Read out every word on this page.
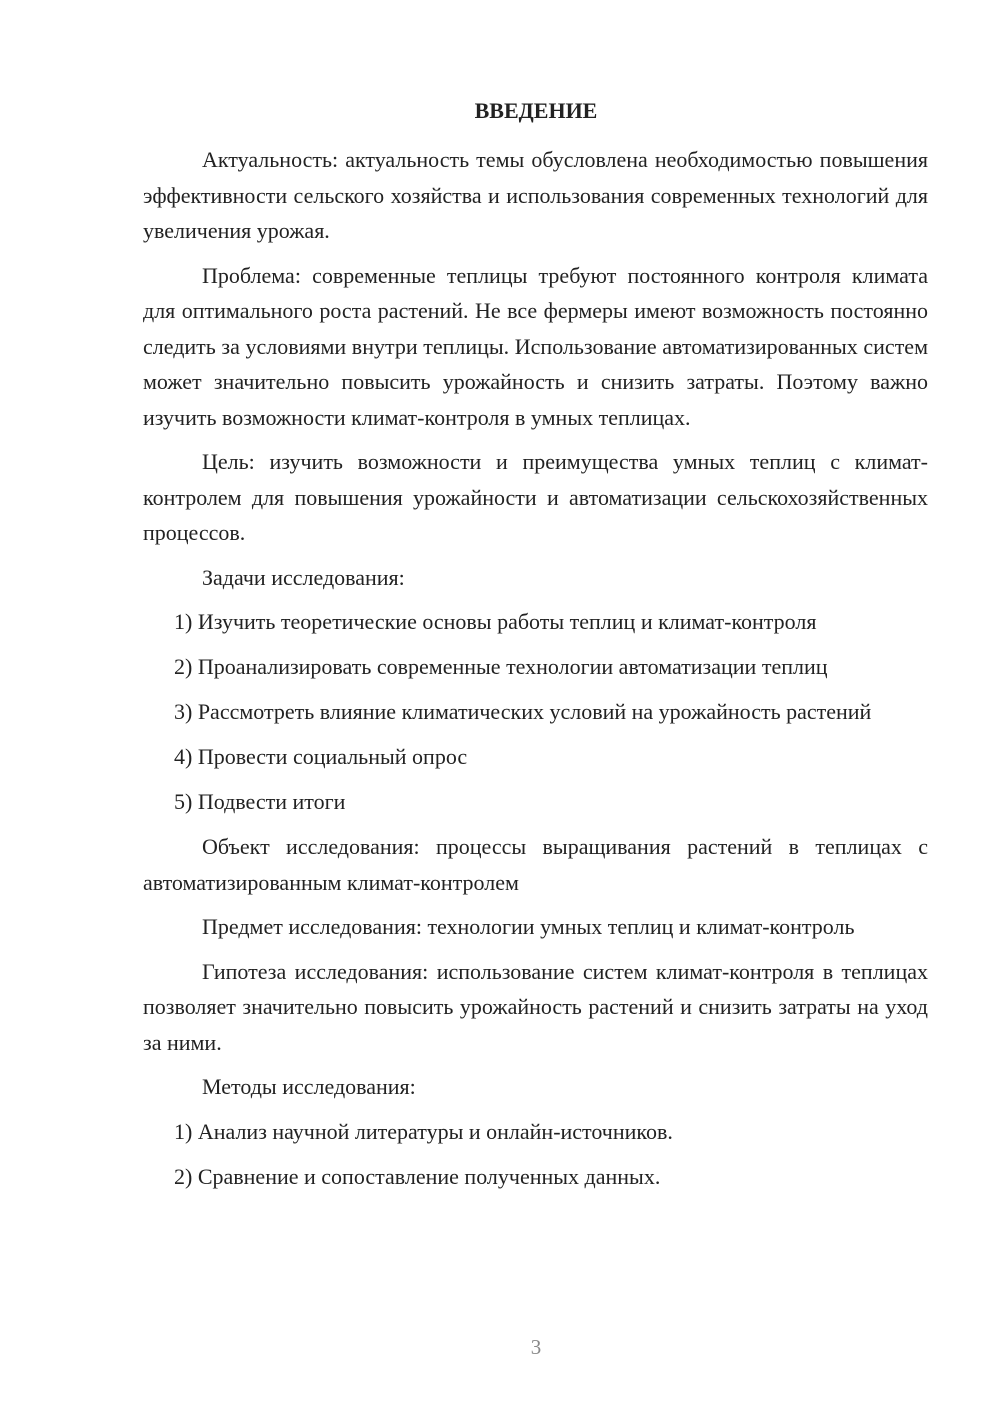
ВВЕДЕНИЕ

Актуальность: актуальность темы обусловлена необходимостью повышения эффективности сельского хозяйства и использования современных технологий для увеличения урожая.

Проблема: современные теплицы требуют постоянного контроля климата для оптимального роста растений. Не все фермеры имеют возможность постоянно следить за условиями внутри теплицы. Использование автоматизированных систем может значительно повысить урожайность и снизить затраты. Поэтому важно изучить возможности климат-контроля в умных теплицах.

Цель: изучить возможности и преимущества умных теплиц с климат-контролем для повышения урожайности и автоматизации сельскохозяйственных процессов.

Задачи исследования:

1) Изучить теоретические основы работы теплиц и климат-контроля

2) Проанализировать современные технологии автоматизации теплиц

3) Рассмотреть влияние климатических условий на урожайность растений

4) Провести социальный опрос

5) Подвести итоги

Объект исследования: процессы выращивания растений в теплицах с автоматизированным климат-контролем

Предмет исследования: технологии умных теплиц и климат-контроль

Гипотеза исследования: использование систем климат-контроля в теплицах позволяет значительно повысить урожайность растений и снизить затраты на уход за ними.

Методы исследования:

1) Анализ научной литературы и онлайн-источников.

2) Сравнение и сопоставление полученных данных.

3
